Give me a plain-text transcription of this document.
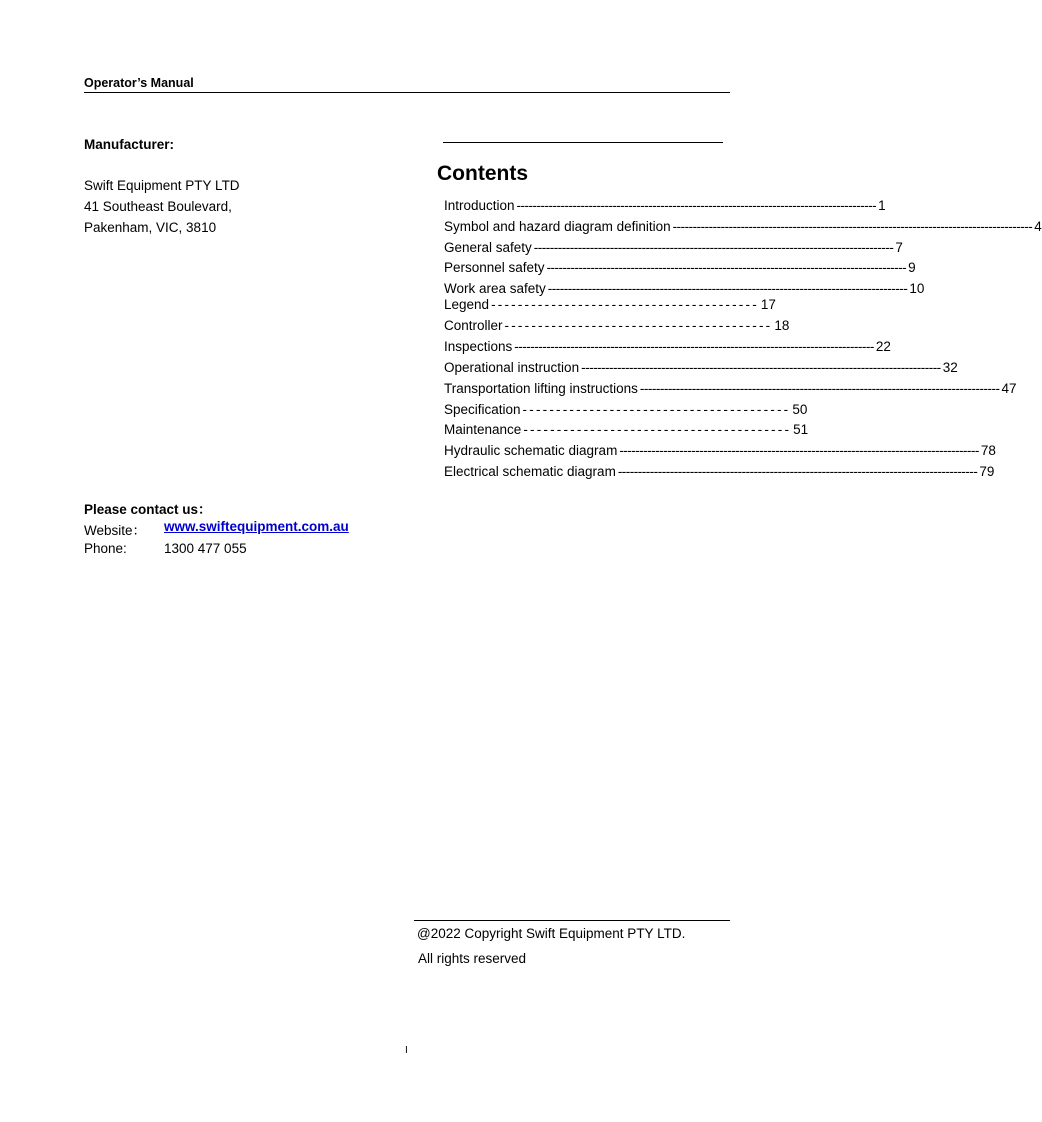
Operator’s Manual
Manufacturer:
Swift Equipment PTY LTD
41 Southeast Boulevard,
Pakenham, VIC, 3810
Contents
Introduction ------------------------------------------------------------------------------------------ 1
Symbol and hazard diagram definition ------------------------------------------------------------------------------------------ 4
General safety ------------------------------------------------------------------------------------------ 7
Personnel safety ------------------------------------------------------------------------------------------ 9
Work area safety ------------------------------------------------------------------------------------------ 10
Legend ---------------------------------------- 17
Controller ---------------------------------------- 18
Inspections ------------------------------------------------------------------------------------------ 22
Operational instruction ------------------------------------------------------------------------------------------ 32
Transportation lifting instructions ------------------------------------------------------------------------------------------ 47
Specification ---------------------------------------- 50
Maintenance ---------------------------------------- 51
Hydraulic schematic diagram ------------------------------------------------------------------------------------------ 78
Electrical schematic diagram ------------------------------------------------------------------------------------------ 79
Please contact us：
Website： www.swiftequipment.com.au
Phone:	1300 477 055
@2022 Copyright Swift Equipment PTY LTD.
All rights reserved
I
